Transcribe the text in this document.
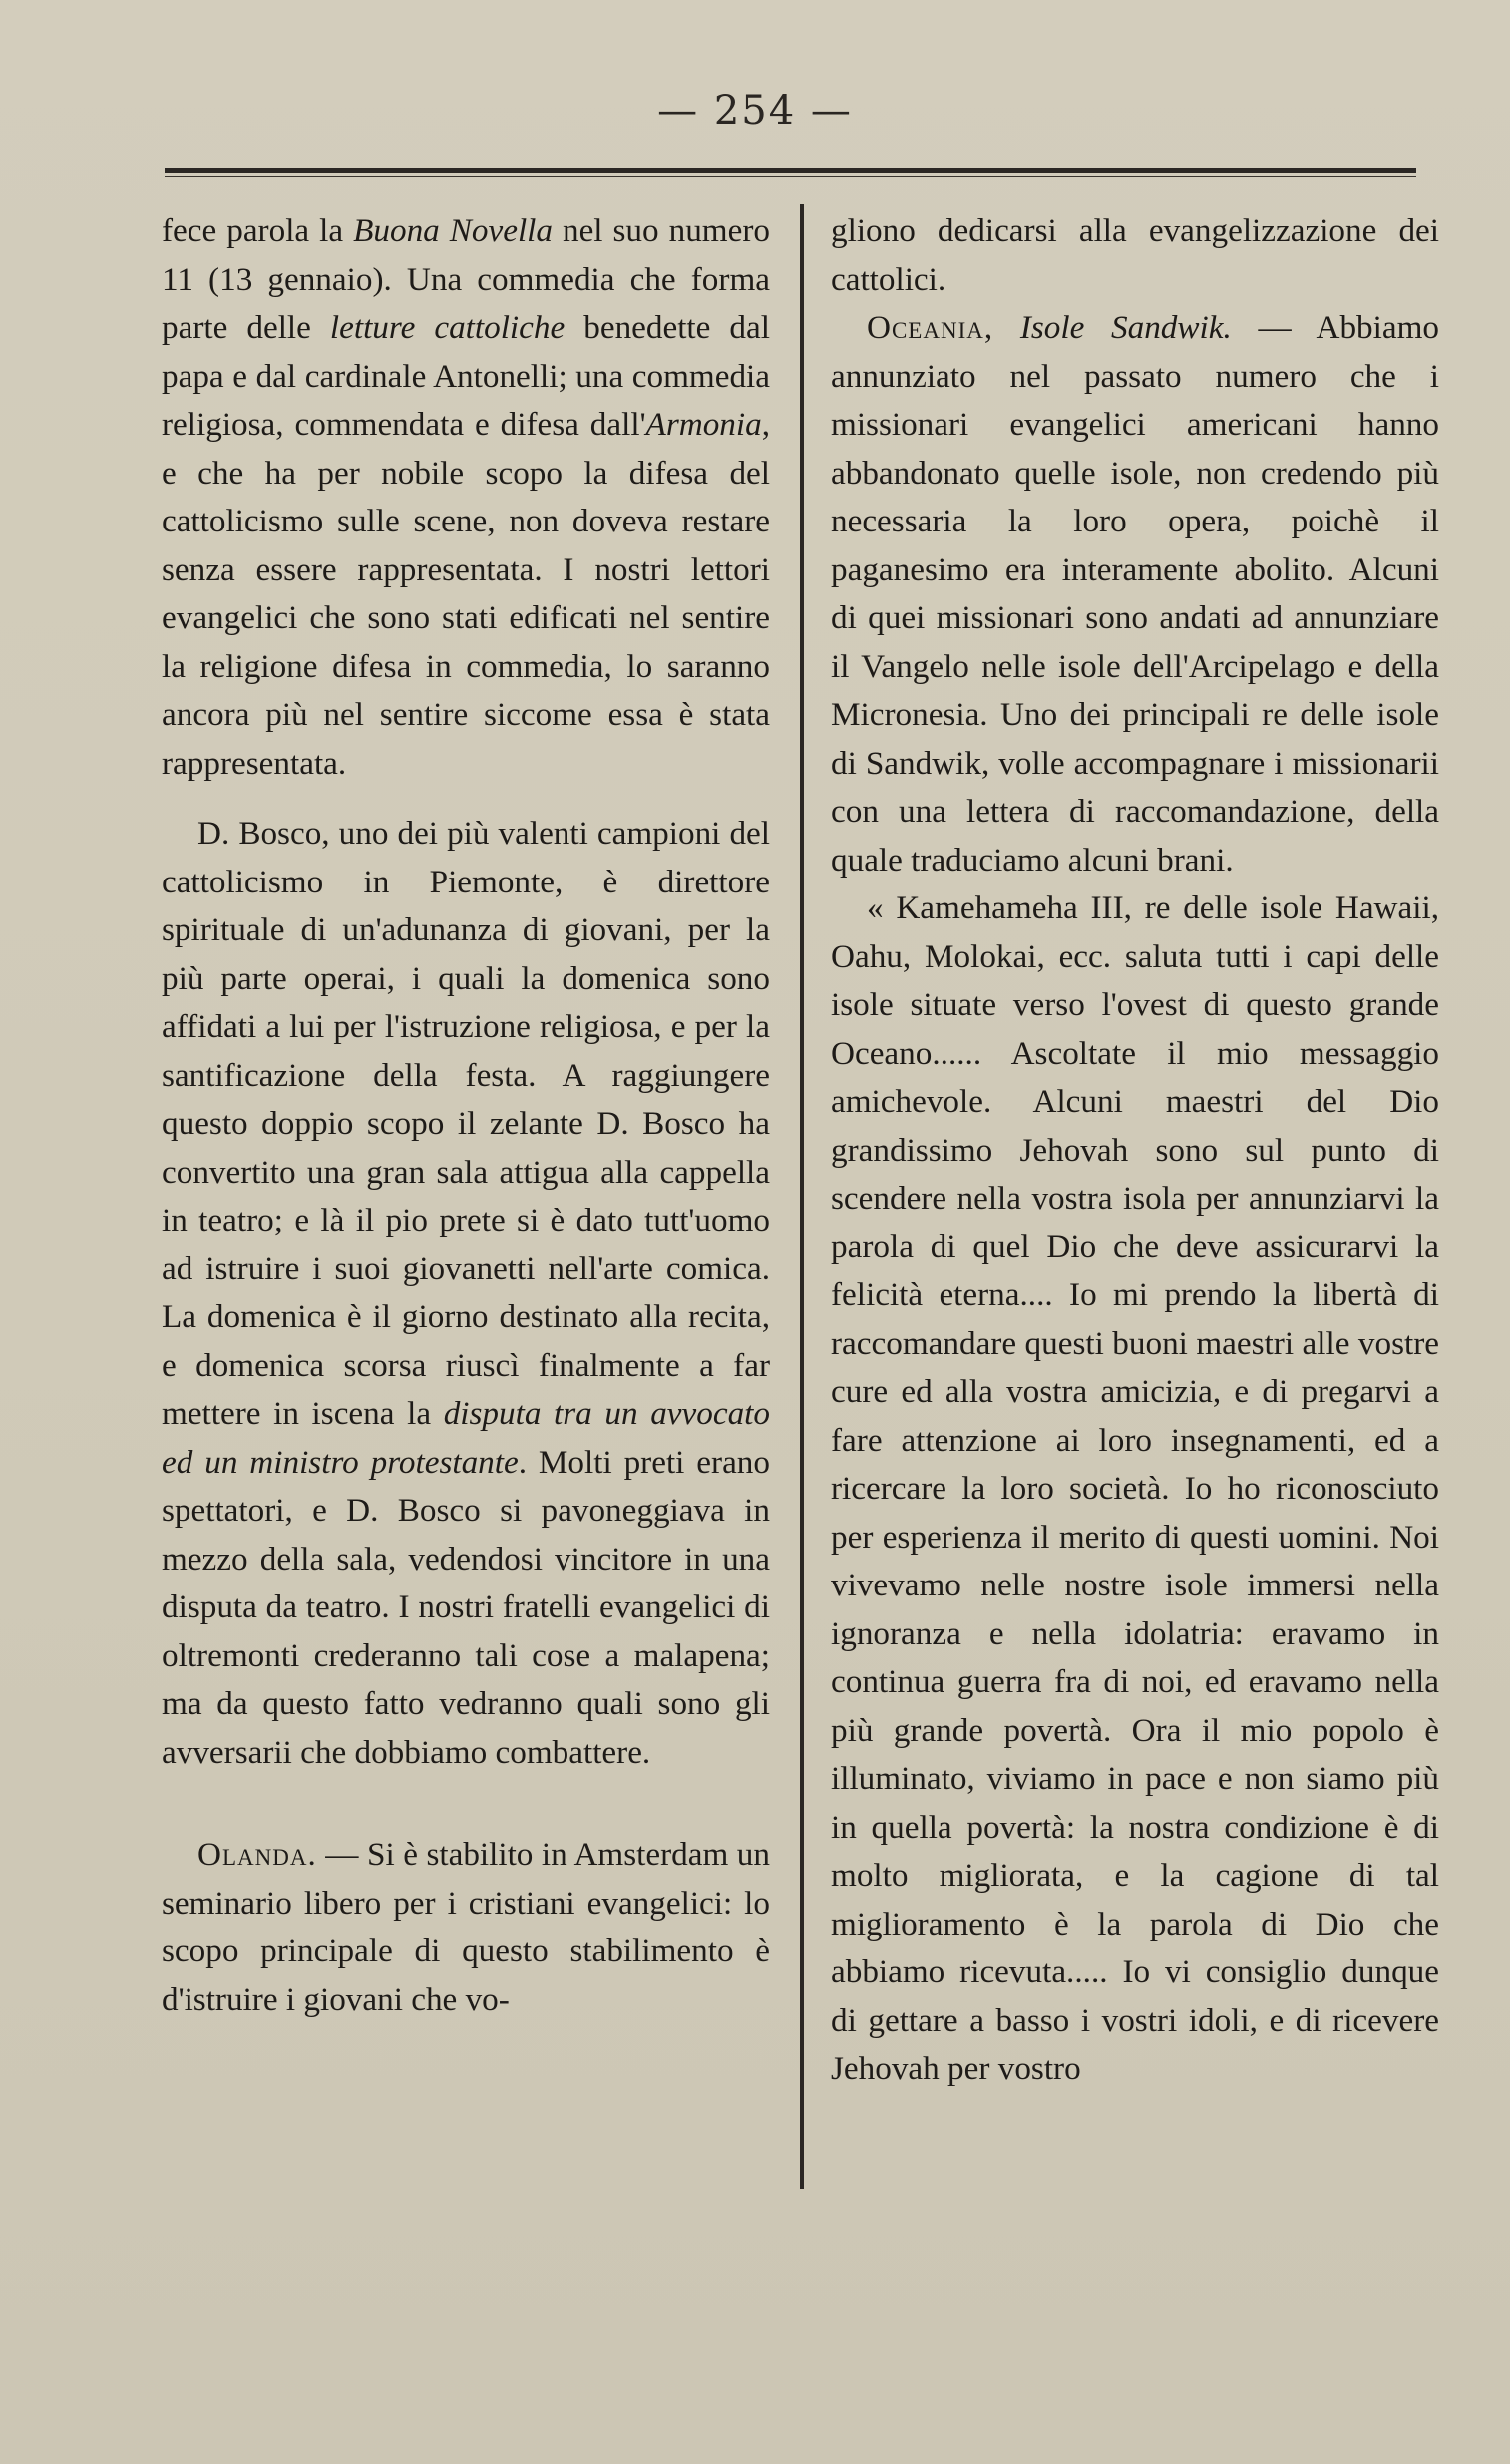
— 254 —

fece parola la Buona Novella nel suo numero 11 (13 gennaio). Una commedia che forma parte delle letture cattoliche benedette dal papa e dal cardinale Antonelli; una commedia religiosa, commendata e difesa dall'Armonia, e che ha per nobile scopo la difesa del cattolicismo sulle scene, non doveva restare senza essere rappresentata. I nostri lettori evangelici che sono stati edificati nel sentire la religione difesa in commedia, lo saranno ancora più nel sentire siccome essa è stata rappresentata.

D. Bosco, uno dei più valenti campioni del cattolicismo in Piemonte, è direttore spirituale di un'adunanza di giovani, per la più parte operai, i quali la domenica sono affidati a lui per l'istruzione religiosa, e per la santificazione della festa. A raggiungere questo doppio scopo il zelante D. Bosco ha convertito una gran sala attigua alla cappella in teatro; e là il pio prete si è dato tutt'uomo ad istruire i suoi giovanetti nell'arte comica. La domenica è il giorno destinato alla recita, e domenica scorsa riuscì finalmente a far mettere in iscena la disputa tra un avvocato ed un ministro protestante. Molti preti erano spettatori, e D. Bosco si pavoneggiava in mezzo della sala, vedendosi vincitore in una disputa da teatro. I nostri fratelli evangelici di oltremonti crederanno tali cose a malapena; ma da questo fatto vedranno quali sono gli avversarii che dobbiamo combattere.

Olanda. — Si è stabilito in Amsterdam un seminario libero per i cristiani evangelici: lo scopo principale di questo stabilimento è d'istruire i giovani che vo-

gliono dedicarsi alla evangelizzazione dei cattolici.

Oceania, Isole Sandwik. — Abbiamo annunziato nel passato numero che i missionari evangelici americani hanno abbandonato quelle isole, non credendo più necessaria la loro opera, poichè il paganesimo era interamente abolito. Alcuni di quei missionari sono andati ad annunziare il Vangelo nelle isole dell'Arcipelago e della Micronesia. Uno dei principali re delle isole di Sandwik, volle accompagnare i missionarii con una lettera di raccomandazione, della quale traduciamo alcuni brani.

« Kamehameha III, re delle isole Hawaii, Oahu, Molokai, ecc. saluta tutti i capi delle isole situate verso l'ovest di questo grande Oceano...... Ascoltate il mio messaggio amichevole. Alcuni maestri del Dio grandissimo Jehovah sono sul punto di scendere nella vostra isola per annunziarvi la parola di quel Dio che deve assicurarvi la felicità eterna.... Io mi prendo la libertà di raccomandare questi buoni maestri alle vostre cure ed alla vostra amicizia, e di pregarvi a fare attenzione ai loro insegnamenti, ed a ricercare la loro società. Io ho riconosciuto per esperienza il merito di questi uomini. Noi vivevamo nelle nostre isole immersi nella ignoranza e nella idolatria: eravamo in continua guerra fra di noi, ed eravamo nella più grande povertà. Ora il mio popolo è illuminato, viviamo in pace e non siamo più in quella povertà: la nostra condizione è di molto migliorata, e la cagione di tal miglioramento è la parola di Dio che abbiamo ricevuta..... Io vi consiglio dunque di gettare a basso i vostri idoli, e di ricevere Jehovah per vostro
